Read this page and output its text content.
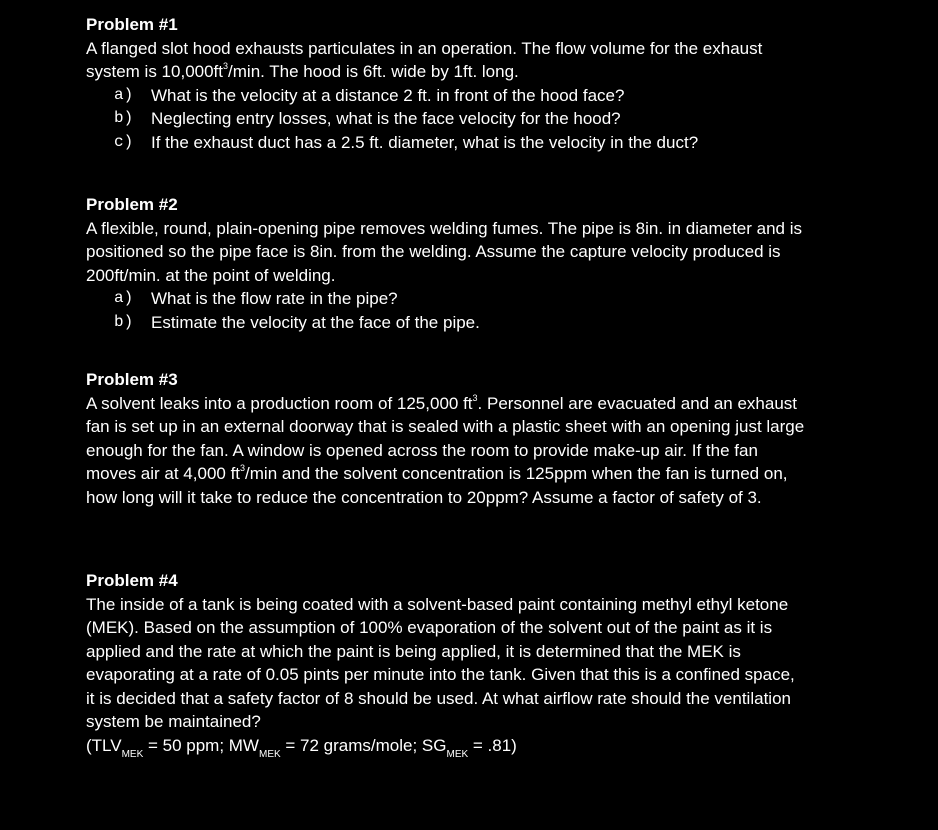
Problem #1

A flanged slot hood exhausts particulates in an operation. The flow volume for the exhaust system is $10,000ft^3/\min$. The hood is 6ft. wide by 1ft. long.

a)	What is the velocity at a distance 2 ft. in front of the hood face?
b)	Neglecting entry losses, what is the face velocity for the hood?
c)	If the exhaust duct has a 2.5 ft. diameter, what is the velocity in the duct?
Problem #2

A flexible, round, plain-opening pipe removes welding fumes. The pipe is 8in. in diameter and is positioned so the pipe face is 8in. from the welding. Assume the capture velocity produced is 200ft/min. at the point of welding.

a)	What is the flow rate in the pipe?
b)	Estimate the velocity at the face of the pipe.
Problem #3

A solvent leaks into a production room of 125,000 $ft^3$. Personnel are evacuated and an exhaust fan is set up in an external doorway that is sealed with a plastic sheet with an opening just large enough for the fan. A window is opened across the room to provide make-up air. If the fan moves air at 4,000 $ft^3/\min$ and the solvent concentration is 125ppm when the fan is turned on, how long will it take to reduce the concentration to 20ppm? Assume a factor of safety of 3.

Problem #4

The inside of a tank is being coated with a solvent-based paint containing methyl ethyl ketone (MEK). Based on the assumption of 100% evaporation of the solvent out of the paint as it is applied and the rate at which the paint is being applied, it is determined that the MEK is evaporating at a rate of 0.05 pints per minute into the tank. Given that this is a confined space, it is decided that a safety factor of 8 should be used. At what airflow rate should the ventilation system be maintained?

($TLV_{MEK} = 50$ ppm; $MW_{MEK} = 72$ grams/mole; $SG_{MEK} = .81$)
